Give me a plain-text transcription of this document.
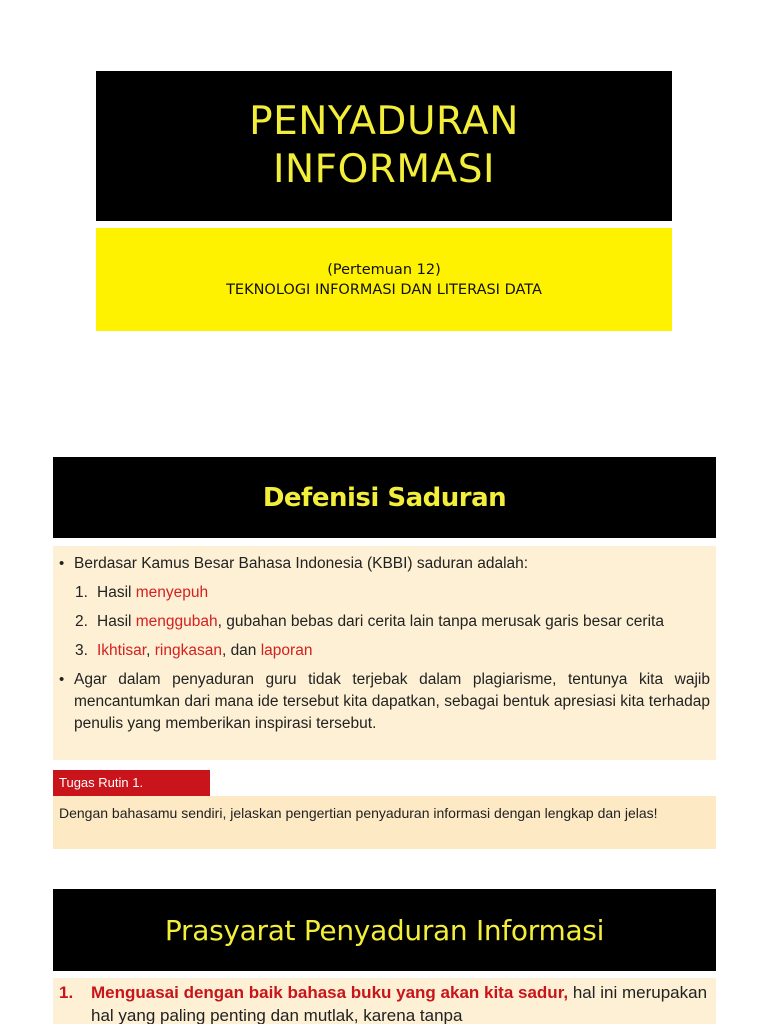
PENYADURAN
INFORMASI
(Pertemuan 12)
TEKNOLOGI INFORMASI DAN LITERASI DATA
Defenisi Saduran
• Berdasar Kamus Besar Bahasa Indonesia (KBBI) saduran adalah:
1. Hasil menyepuh
2. Hasil menggubah, gubahan bebas dari cerita lain tanpa merusak garis besar cerita
3. Ikhtisar, ringkasan, dan laporan
• Agar dalam penyaduran guru tidak terjebak dalam plagiarisme, tentunya kita wajib mencantumkan dari mana ide tersebut kita dapatkan, sebagai bentuk apresiasi kita terhadap penulis yang memberikan inspirasi tersebut.
Tugas Rutin 1.
Dengan bahasamu sendiri, jelaskan pengertian penyaduran informasi dengan lengkap dan jelas!
Prasyarat Penyaduran Informasi
1.	Menguasai dengan baik bahasa buku yang akan kita sadur, hal ini merupakan hal yang paling penting dan mutlak, karena tanpa
